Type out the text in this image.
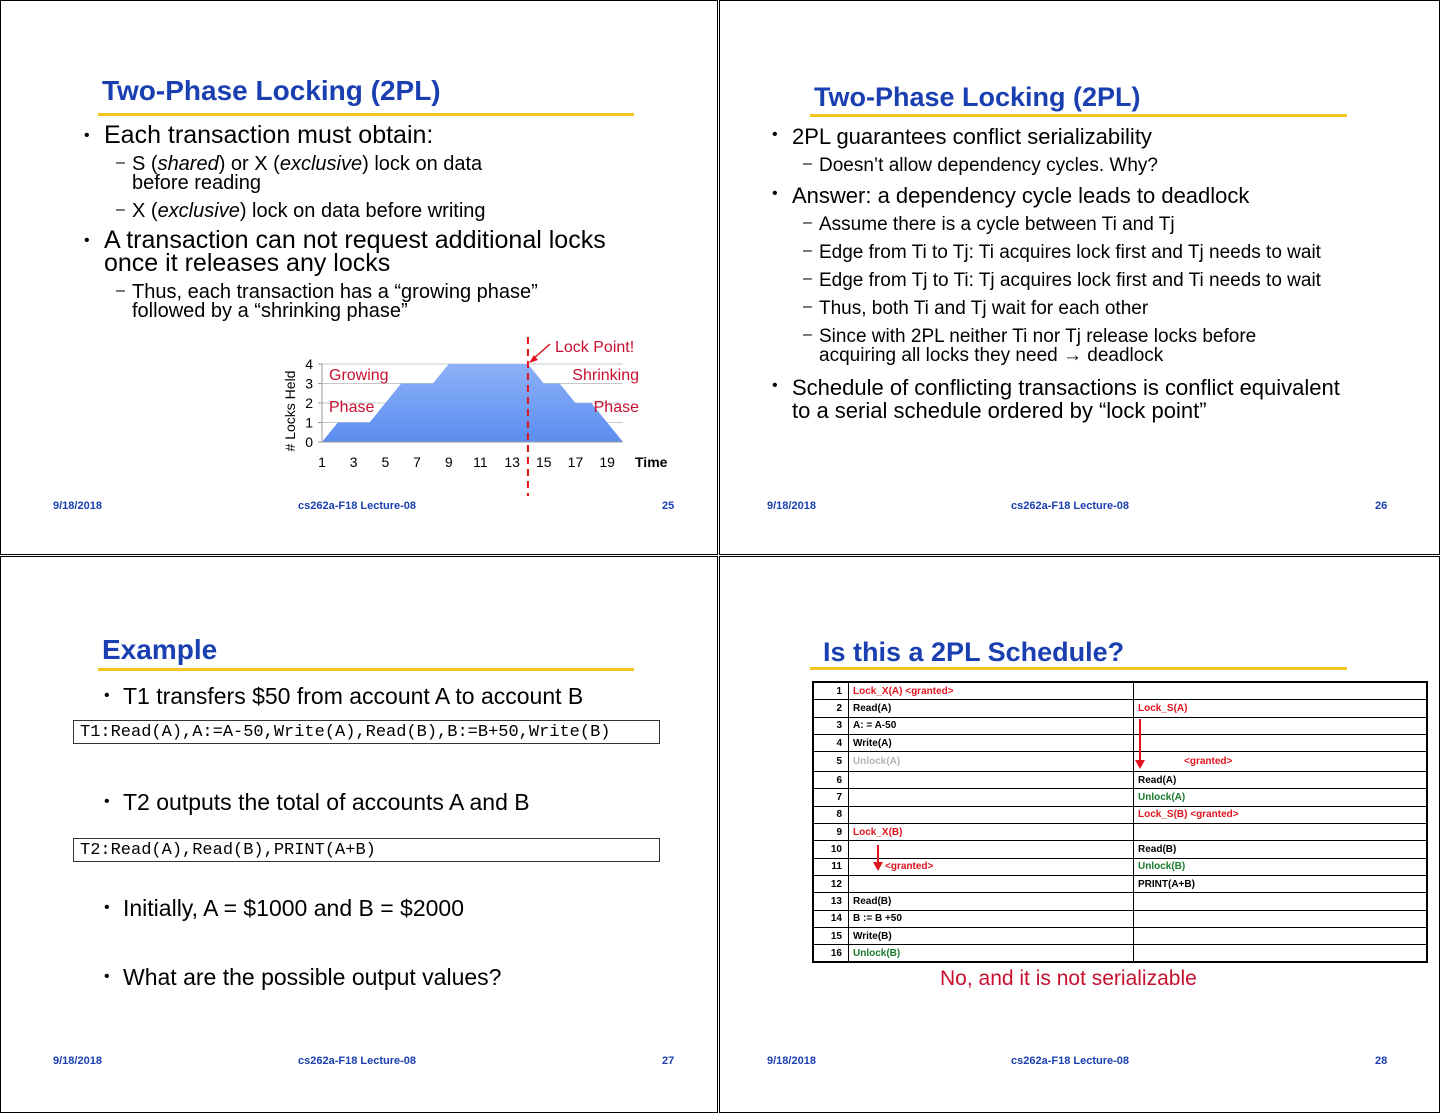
Two-Phase Locking (2PL)
• Each transaction must obtain:
– S (shared) or X (exclusive) lock on data
before reading
– X (exclusive) lock on data before writing
• A transaction can not request additional locks
once it releases any locks
– Thus, each transaction has a “growing phase”
followed by a “shrinking phase”
0
1
2
3
4
1 3 5 7 9 11 13 15 17 19
# Locks Held
Time
Lock Point!
Growing
Phase
Shrinking
Phase
9/18/2018	cs262a-F18 Lecture-08	25
Two-Phase Locking (2PL)
• 2PL guarantees conflict serializability
– Doesn’t allow dependency cycles. Why?
• Answer: a dependency cycle leads to deadlock
– Assume there is a cycle between Ti and Tj
– Edge from Ti to Tj: Ti acquires lock first and Tj needs to wait
– Edge from Tj to Ti: Tj acquires lock first and Ti needs to wait
– Thus, both Ti and Tj wait for each other
– Since with 2PL neither Ti nor Tj release locks before
acquiring all locks they need → deadlock
• Schedule of conflicting transactions is conflict equivalent
to a serial schedule ordered by “lock point”
9/18/2018	cs262a-F18 Lecture-08	26
Example
• T1 transfers $50 from account A to account B
T1:Read(A),A:=A-50,Write(A),Read(B),B:=B+50,Write(B)
• T2 outputs the total of accounts A and B
T2:Read(A),Read(B),PRINT(A+B)
• Initially, A = $1000 and B = $2000
• What are the possible output values?
9/18/2018	cs262a-F18 Lecture-08	27
Is this a 2PL Schedule?
1	Lock_X(A) <granted>	
2	Read(A)	Lock_S(A)
3	A: = A-50	
4	Write(A)	
5	Unlock(A)	<granted>
6		Read(A)
7		Unlock(A)
8		Lock_S(B) <granted>
9	Lock_X(B)	
10		Read(B)
11	<granted>	Unlock(B)
12		PRINT(A+B)
13	Read(B)	
14	B := B +50	
15	Write(B)	
16	Unlock(B)	
No, and it is not serializable
9/18/2018	cs262a-F18 Lecture-08	28
